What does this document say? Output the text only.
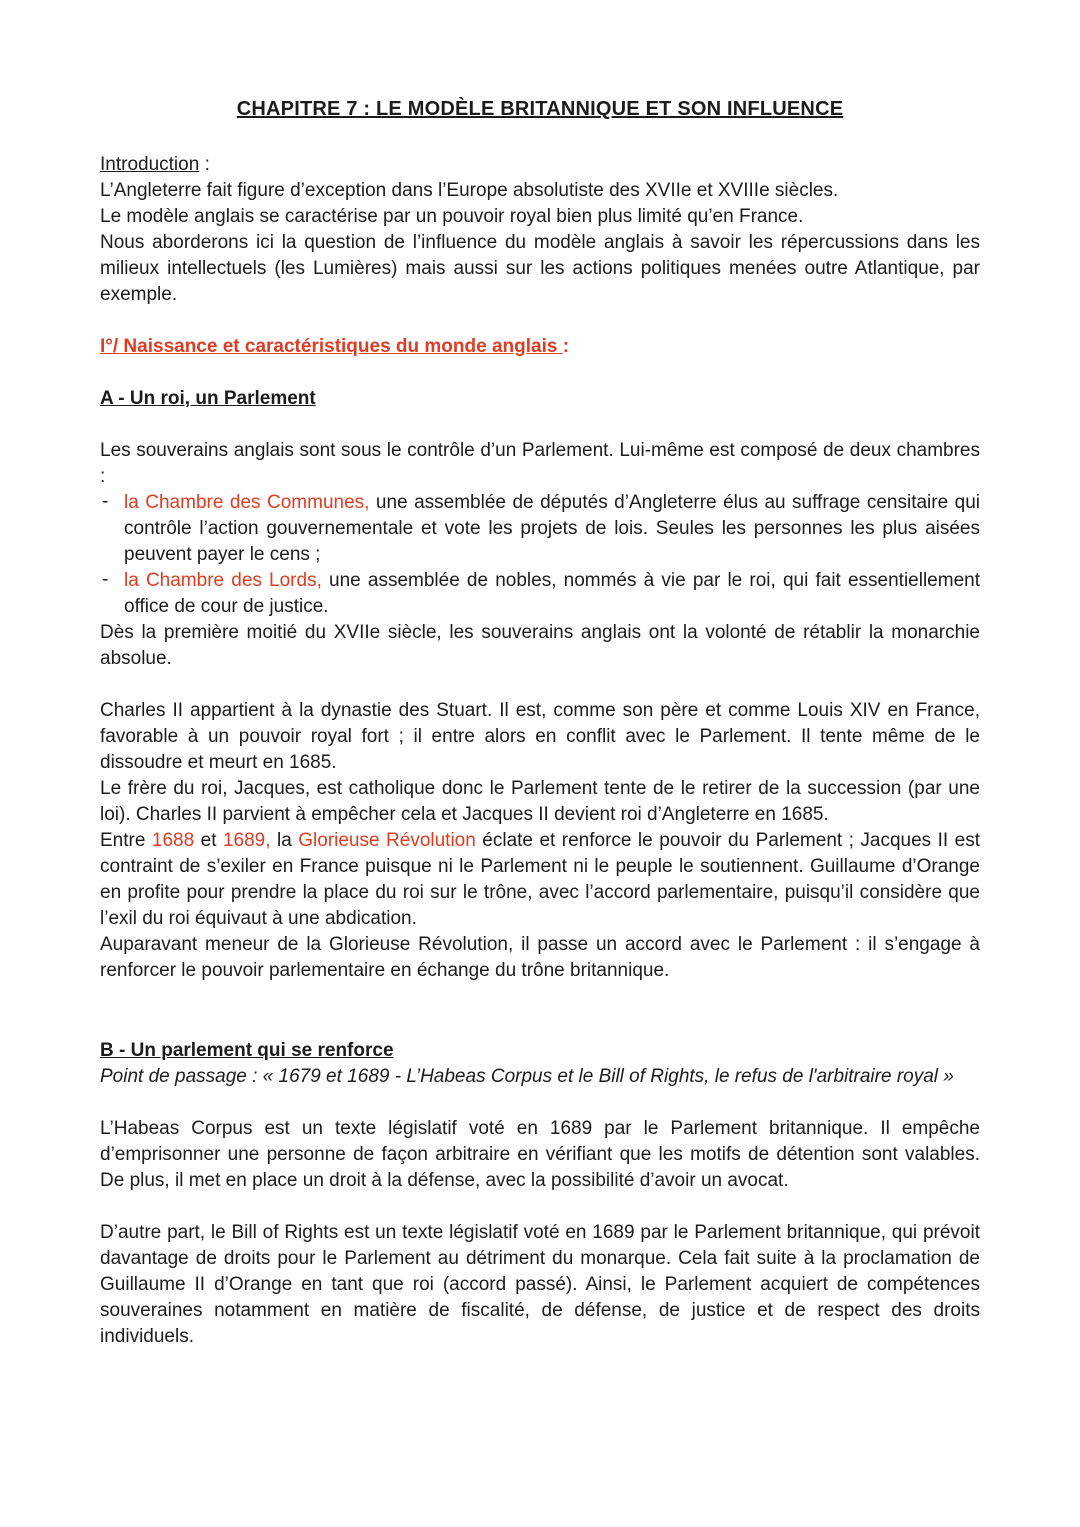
CHAPITRE 7 : LE MODÈLE BRITANNIQUE ET SON INFLUENCE

Introduction :

L’Angleterre fait figure d’exception dans l’Europe absolutiste des XVIIe et XVIIIe siècles.

Le modèle anglais se caractérise par un pouvoir royal bien plus limité qu’en France.

Nous aborderons ici la question de l’influence du modèle anglais à savoir les répercussions dans les milieux intellectuels (les Lumières) mais aussi sur les actions politiques menées outre Atlantique, par exemple.

I°/ Naissance et caractéristiques du monde anglais :
A - Un roi, un Parlement

Les souverains anglais sont sous le contrôle d’un Parlement. Lui-même est composé de deux chambres :

- la Chambre des Communes, une assemblée de députés d’Angleterre élus au suffrage censitaire qui contrôle l’action gouvernementale et vote les projets de lois. Seules les personnes les plus aisées peuvent payer le cens ;
- la Chambre des Lords, une assemblée de nobles, nommés à vie par le roi, qui fait essentiellement office de cour de justice.

Dès la première moitié du XVIIe siècle, les souverains anglais ont la volonté de rétablir la monarchie absolue.

Charles II appartient à la dynastie des Stuart. Il est, comme son père et comme Louis XIV en France, favorable à un pouvoir royal fort ; il entre alors en conflit avec le Parlement. Il tente même de le dissoudre et meurt en 1685.

Le frère du roi, Jacques, est catholique donc le Parlement tente de le retirer de la succession (par une loi). Charles II parvient à empêcher cela et Jacques II devient roi d’Angleterre en 1685.

Entre 1688 et 1689, la Glorieuse Révolution éclate et renforce le pouvoir du Parlement ; Jacques II est contraint de s’exiler en France puisque ni le Parlement ni le peuple le soutiennent. Guillaume d’Orange en profite pour prendre la place du roi sur le trône, avec l’accord parlementaire, puisqu’il considère que l’exil du roi équivaut à une abdication.

Auparavant meneur de la Glorieuse Révolution, il passe un accord avec le Parlement : il s’engage à renforcer le pouvoir parlementaire en échange du trône britannique.

B - Un parlement qui se renforce

Point de passage : « 1679 et 1689 - L’Habeas Corpus et le Bill of Rights, le refus de l'arbitraire royal »

L’Habeas Corpus est un texte législatif voté en 1689 par le Parlement britannique. Il empêche d’emprisonner une personne de façon arbitraire en vérifiant que les motifs de détention sont valables. De plus, il met en place un droit à la défense, avec la possibilité d’avoir un avocat.

D’autre part, le Bill of Rights est un texte législatif voté en 1689 par le Parlement britannique, qui prévoit davantage de droits pour le Parlement au détriment du monarque. Cela fait suite à la proclamation de Guillaume II d’Orange en tant que roi (accord passé). Ainsi, le Parlement acquiert de compétences souveraines notamment en matière de fiscalité, de défense, de justice et de respect des droits individuels.
